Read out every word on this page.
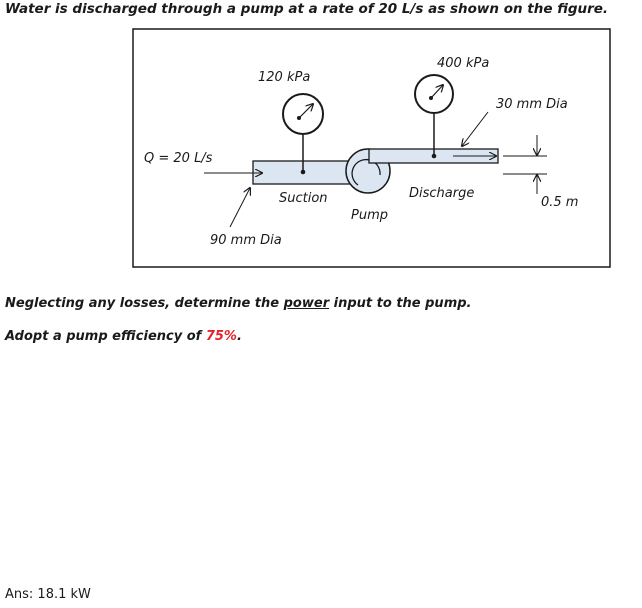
Water is discharged through a pump at a rate of 20 L/s as shown on the figure.
120 kPa
400 kPa
30 mm Dia
Q = 20 L/s
Suction	Discharge
Pump
90 mm Dia
0.5 m
Neglecting any losses, determine the power input to the pump.
Adopt a pump efficiency of 75%.
Ans: 18.1 kW
